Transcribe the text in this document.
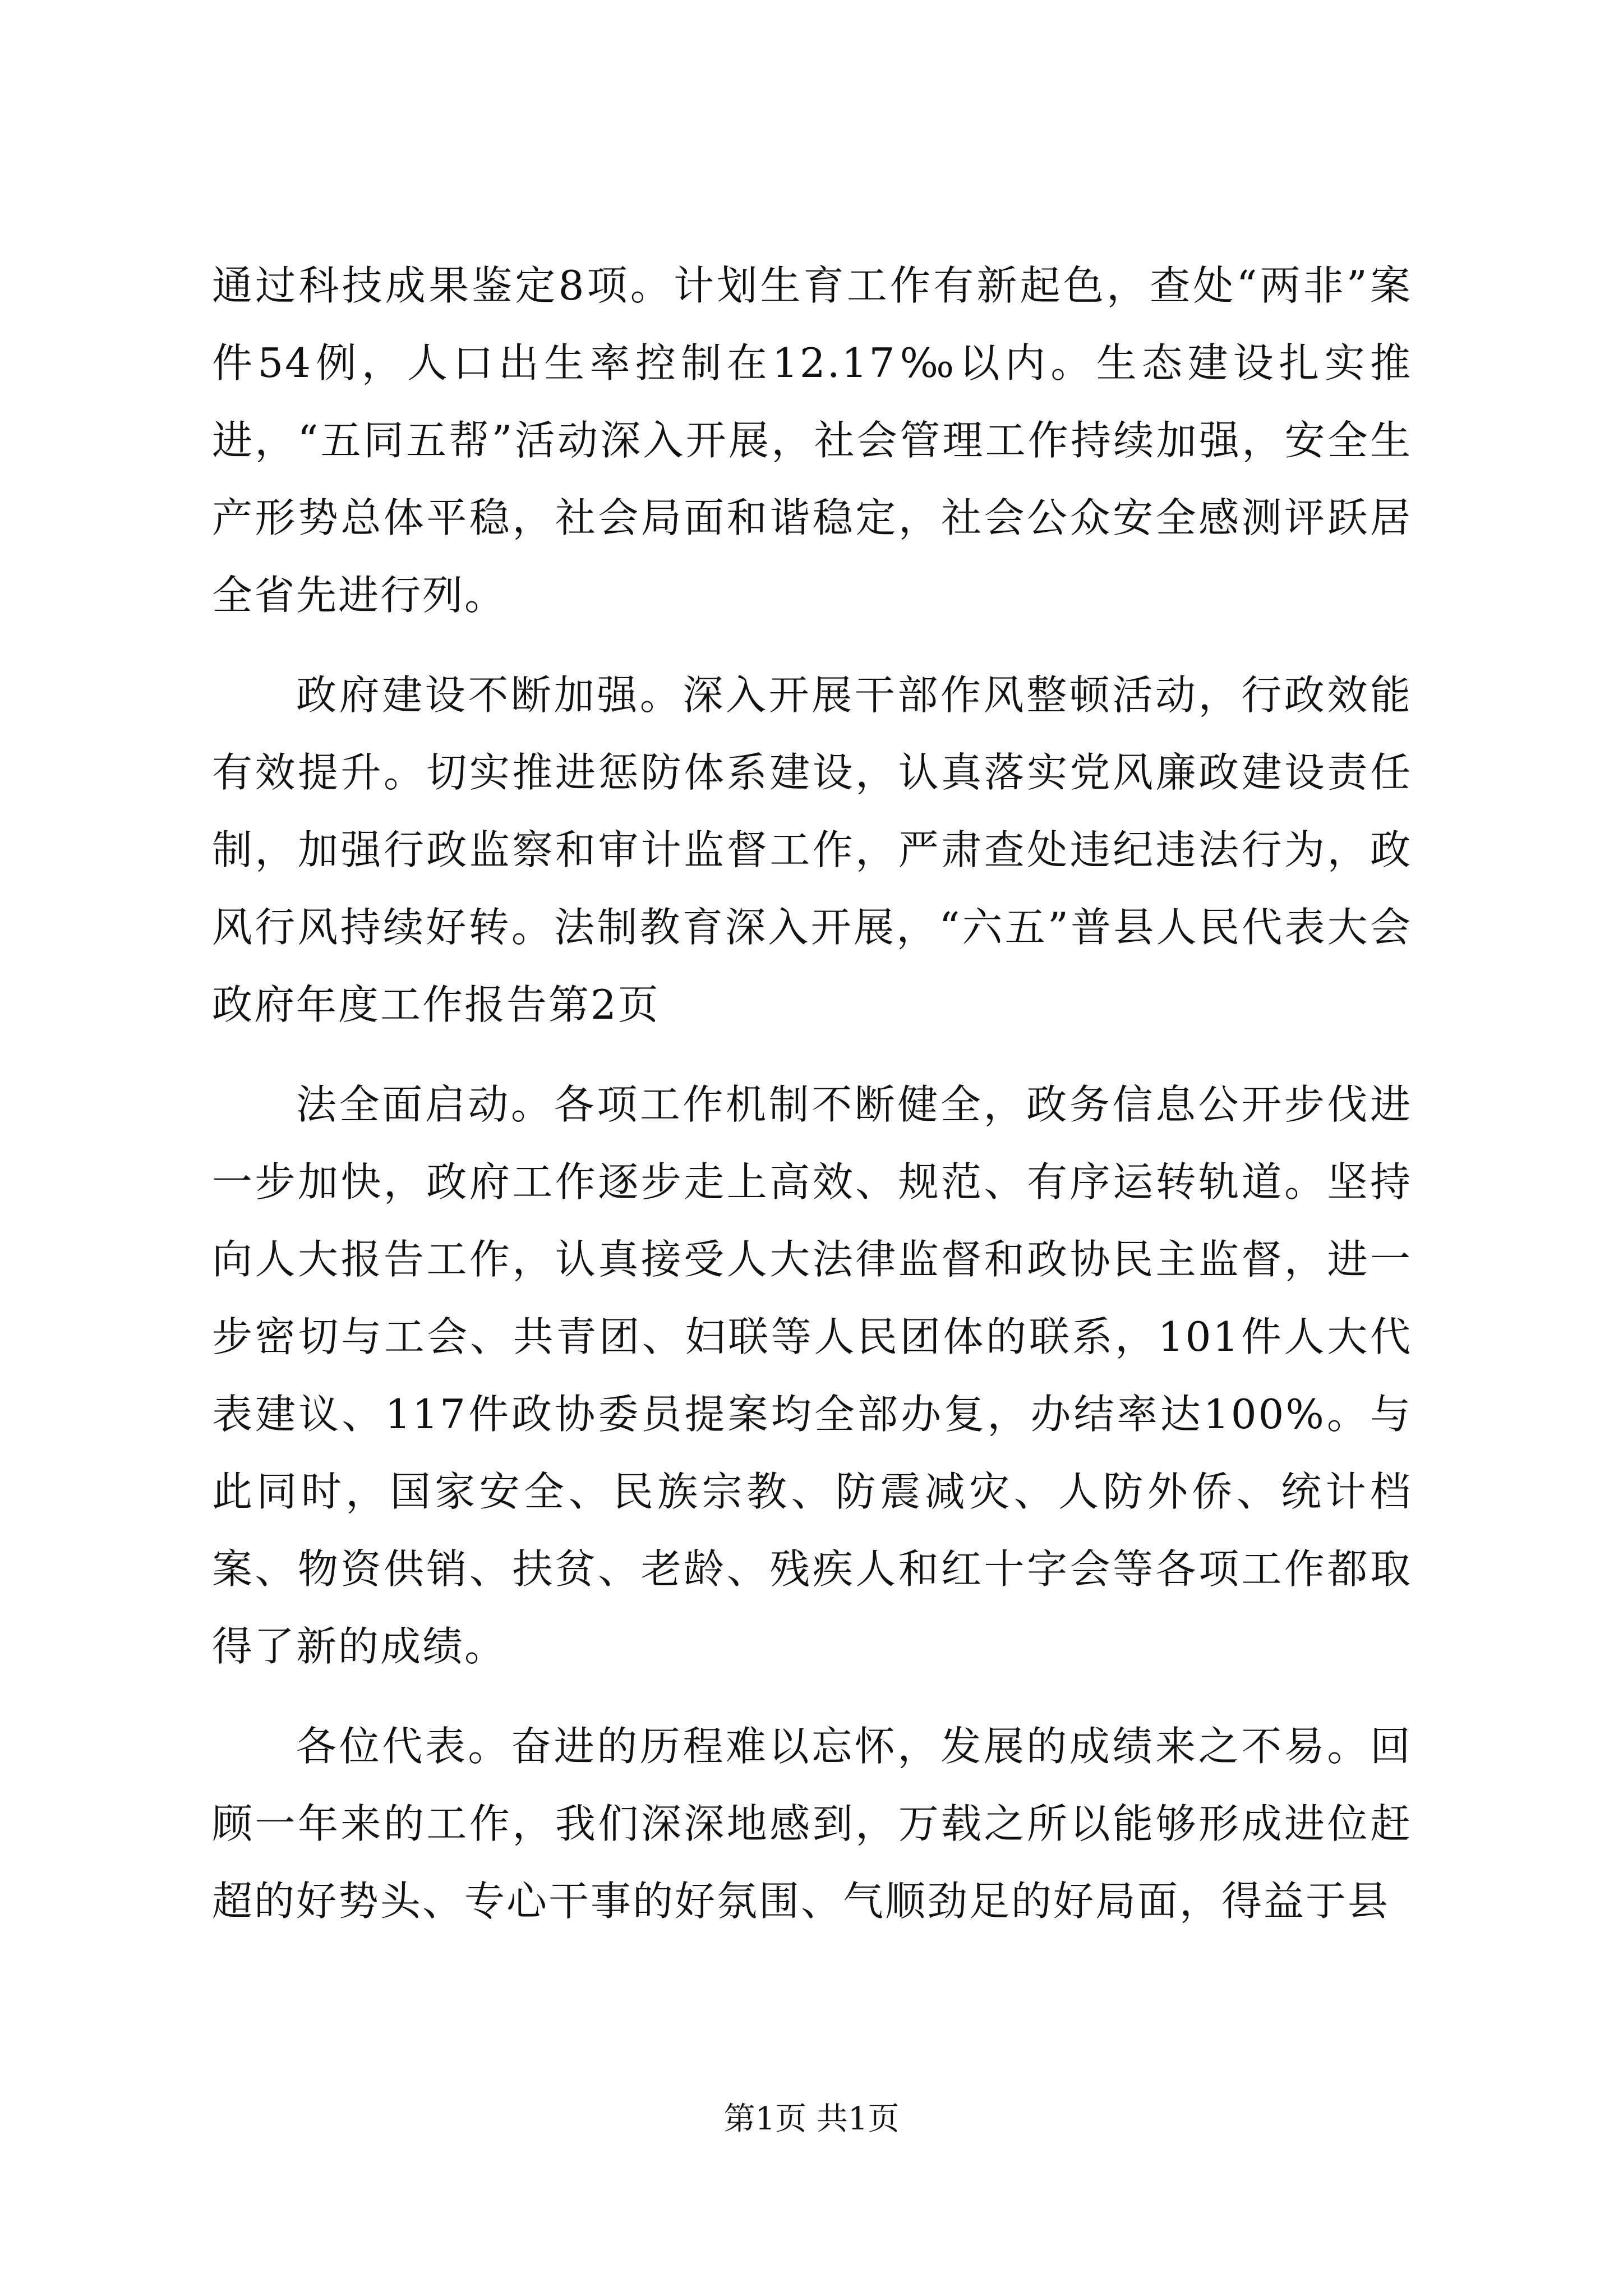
通过科技成果鉴定8项。计划生育工作有新起色，查处“两非”案件54例，人口出生率控制在12.17‰以内。生态建设扎实推进，“五同五帮”活动深入开展，社会管理工作持续加强，安全生产形势总体平稳，社会局面和谐稳定，社会公众安全感测评跃居全省先进行列。

政府建设不断加强。深入开展干部作风整顿活动，行政效能有效提升。切实推进惩防体系建设，认真落实党风廉政建设责任制，加强行政监察和审计监督工作，严肃查处违纪违法行为，政风行风持续好转。法制教育深入开展，“六五”普县人民代表大会政府年度工作报告第2页

法全面启动。各项工作机制不断健全，政务信息公开步伐进一步加快，政府工作逐步走上高效、规范、有序运转轨道。坚持向人大报告工作，认真接受人大法律监督和政协民主监督，进一步密切与工会、共青团、妇联等人民团体的联系，101件人大代表建议、117件政协委员提案均全部办复，办结率达100%。与此同时，国家安全、民族宗教、防震减灾、人防外侨、统计档案、物资供销、扶贫、老龄、残疾人和红十字会等各项工作都取得了新的成绩。

各位代表。奋进的历程难以忘怀，发展的成绩来之不易。回顾一年来的工作，我们深深地感到，万载之所以能够形成进位赶超的好势头、专心干事的好氛围、气顺劲足的好局面，得益于县

第1页 共1页
